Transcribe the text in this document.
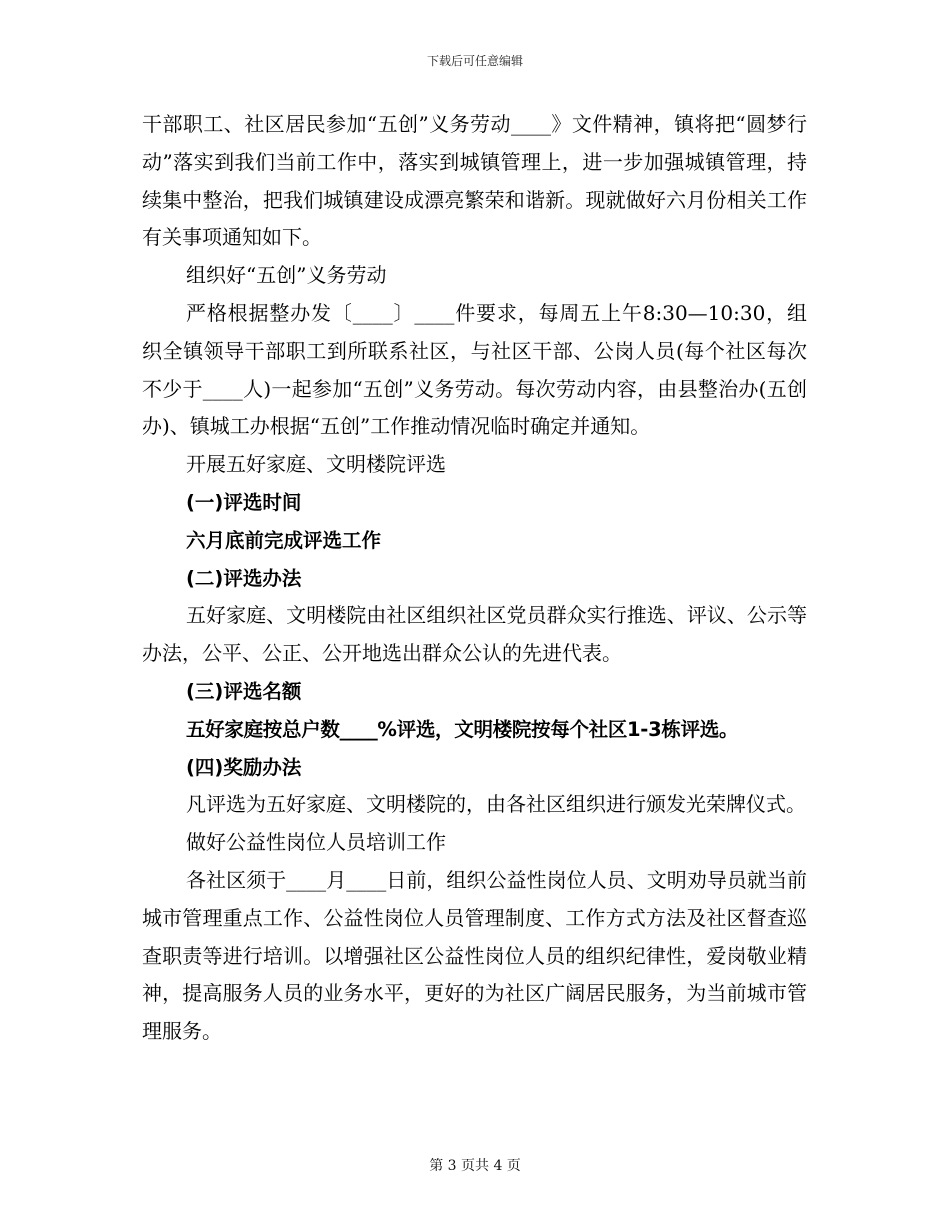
下载后可任意编辑

干部职工、社区居民参加“五创”义务劳动____》文件精神，镇将把“圆梦行动”落实到我们当前工作中，落实到城镇管理上，进一步加强城镇管理，持续集中整治，把我们城镇建设成漂亮繁荣和谐新。现就做好六月份相关工作有关事项通知如下。

组织好“五创”义务劳动

严格根据整办发〔____〕____件要求，每周五上午8:30—10:30，组织全镇领导干部职工到所联系社区，与社区干部、公岗人员(每个社区每次不少于____人)一起参加“五创”义务劳动。每次劳动内容，由县整治办(五创办)、镇城工办根据“五创”工作推动情况临时确定并通知。

开展五好家庭、文明楼院评选

(一)评选时间

六月底前完成评选工作

(二)评选办法

五好家庭、文明楼院由社区组织社区党员群众实行推选、评议、公示等办法，公平、公正、公开地选出群众公认的先进代表。

(三)评选名额

五好家庭按总户数____%评选，文明楼院按每个社区1-3栋评选。

(四)奖励办法

凡评选为五好家庭、文明楼院的，由各社区组织进行颁发光荣牌仪式。

做好公益性岗位人员培训工作

各社区须于____月____日前，组织公益性岗位人员、文明劝导员就当前城市管理重点工作、公益性岗位人员管理制度、工作方式方法及社区督查巡查职责等进行培训。以增强社区公益性岗位人员的组织纪律性，爱岗敬业精神，提高服务人员的业务水平，更好的为社区广阔居民服务，为当前城市管理服务。

第 3 页共 4 页
